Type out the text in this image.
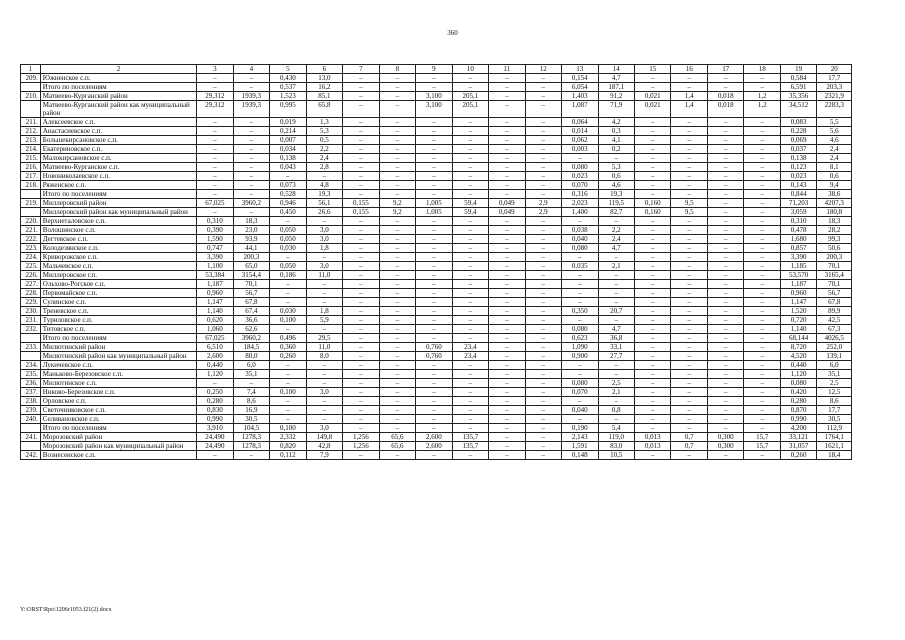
360
1	2	3	4	5	6	7	8	9	10	11	12	13	14	15	16	17	18	19	20
209.	Южненское с.п.	–	–	0,430	13,0	–	–	–	–	–	–	0,154	4,7	–	–	–	–	0,584	17,7
	Итого по поселениям	–	–	0,537	16,2	–	–	–	–	–	–	6,054	187,1	–	–	–	–	6,591	203,3
210.	Матвеево-Курганский район	29,312	1939,3	1,523	85,1	–	–	3,100	205,1	–	–	1,403	91,2	0,021	1,4	0,018	1,2	35,356	2321,9
	Матвеево-Курганский район как муниципальный район	29,312	1939,3	0,995	65,8	–	–	3,100	205,1	–	–	1,087	71,9	0,021	1,4	0,018	1,2	34,512	2283,3
211.	Алексеевское с.п.	–	–	0,019	1,3	–	–	–	–	–	–	0,064	4,2	–	–	–	–	0,083	5,5
212.	Анастасиевское с.п.	–	–	0,214	5,3	–	–	–	–	–	–	0,014	0,3	–	–	–	–	0,228	5,6
213.	Большекирсановское с.п.	–	–	0,007	0,5	–	–	–	–	–	–	0,062	4,1	–	–	–	–	0,069	4,6
214.	Екатериновское с.п.	–	–	0,034	2,2	–	–	–	–	–	–	0,003	0,2	–	–	–	–	0,037	2,4
215.	Малокирсановское с.п.	–	–	0,138	2,4	–	–	–	–	–	–	–	–	–	–	–	–	0,138	2,4
216.	Матвеево-Курганское с.п.	–	–	0,043	2,8	–	–	–	–	–	–	0,080	5,3	–	–	–	–	0,123	8,1
217.	Новониколаевское с.п.	–	–	–	–	–	–	–	–	–	–	0,023	0,6	–	–	–	–	0,023	0,6
218.	Ряженское с.п.	–	–	0,073	4,8	–	–	–	–	–	–	0,070	4,6	–	–	–	–	0,143	9,4
	Итого по поселениям	–	–	0,528	19,3	–	–	–	–	–	–	0,316	19,3	–	–	–	–	0,844	38,6
219.	Миллеровский район	67,025	3960,2	0,946	56,1	0,155	9,2	1,005	59,4	0,049	2,9	2,023	119,5	0,160	9,5	–	–	71,203	4207,3
	Миллеровский район как муниципальный район	–	–	0,450	26,6	0,155	9,2	1,005	59,4	0,049	2,9	1,400	82,7	0,160	9,5	–	–	3,059	180,8
220.	Верхнеталовское с.п.	0,310	18,3	–	–	–	–	–	–	–	–	–	–	–	–	–	–	0,310	18,3
221.	Волошинское с.п.	0,390	23,0	0,050	3,0	–	–	–	–	–	–	0,038	2,2	–	–	–	–	0,478	28,2
222.	Дегтевское с.п.	1,590	93,9	0,050	3,0	–	–	–	–	–	–	0,040	2,4	–	–	–	–	1,680	99,3
223.	Колодезянское с.п.	0,747	44,1	0,030	1,8	–	–	–	–	–	–	0,080	4,7	–	–	–	–	0,857	50,6
224.	Криворожское с.п.	3,390	200,3	–	–	–	–	–	–	–	–	–	–	–	–	–	–	3,390	200,3
225.	Мальчевское с.п.	1,100	65,0	0,050	3,0	–	–	–	–	–	–	0,035	2,1	–	–	–	–	1,185	70,1
226.	Миллеровское г.п.	53,384	3154,4	0,186	11,0	–	–	–	–	–	–	–	–	–	–	–	–	53,570	3165,4
227.	Ольхово-Рогское с.п.	1,187	70,1	–	–	–	–	–	–	–	–	–	–	–	–	–	–	1,187	70,1
228.	Первомайское с.п.	0,960	56,7	–	–	–	–	–	–	–	–	–	–	–	–	–	–	0,960	56,7
229.	Сулинское с.п.	1,147	67,8	–	–	–	–	–	–	–	–	–	–	–	–	–	–	1,147	67,8
230.	Треневское с.п.	1,140	67,4	0,030	1,8	–	–	–	–	–	–	0,350	20,7	–	–	–	–	1,520	89,9
231.	Туриловское с.п.	0,620	36,6	0,100	5,9	–	–	–	–	–	–	–	–	–	–	–	–	0,720	42,5
232.	Титовское с.п.	1,060	62,6	–	–	–	–	–	–	–	–	0,080	4,7	–	–	–	–	1,140	67,3
	Итого по поселениям	67,025	3960,2	0,496	29,5	–	–	–	–	–	–	0,623	36,8	–	–	–	–	68,144	4026,5
233.	Милютинский район	6,510	184,5	0,360	11,0	–	–	0,760	23,4	–	–	1,090	33,1	–	–	–	–	8,720	252,0
	Милютинский район как муниципальный район	2,600	80,0	0,260	8,0	–	–	0,760	23,4	–	–	0,900	27,7	–	–	–	–	4,520	139,1
234.	Лукичевское с.п.	0,440	6,0	–	–	–	–	–	–	–	–	–	–	–	–	–	–	0,440	6,0
235.	Маньково-Березовское с.п.	1,120	35,1	–	–	–	–	–	–	–	–	–	–	–	–	–	–	1,120	35,1
236.	Милютинское с.п.	–	–	–	–	–	–	–	–	–	–	0,080	2,5	–	–	–	–	0,080	2,5
237.	Никово-Березовское с.п.	0,250	7,4	0,100	3,0	–	–	–	–	–	–	0,070	2,1	–	–	–	–	0,420	12,5
238.	Орловское с.п.	0,280	8,6	–	–	–	–	–	–	–	–	–	–	–	–	–	–	0,280	8,6
239.	Светочниковское с.п.	0,830	16,9	–	–	–	–	–	–	–	–	0,040	0,8	–	–	–	–	0,870	17,7
240.	Селивановское с.п.	0,990	30,5	–	–	–	–	–	–	–	–	–	–	–	–	–	–	0,990	30,5
	Итого по поселениям	3,910	104,5	0,100	3,0	–	–	–	–	–	–	0,190	5,4	–	–	–	–	4,200	112,9
241.	Морозовский район	24,490	1278,3	2,332	149,8	1,256	65,6	2,600	135,7	–	–	2,143	119,0	0,013	0,7	0,300	15,7	33,121	1764,1
	Морозовский район как муниципальный район	24,490	1278,3	0,820	42,8	1,256	65,6	2,600	135,7	–	–	1,591	83,0	0,013	0,7	0,300	15,7	31,057	1621,1
242.	Вознесенское с.п.	–	–	0,112	7,9	–	–	–	–	–	–	0,148	10,5	–	–	–	–	0,260	18,4
Y:\ORST\Rpo\1206r1053.f21(2).docx
